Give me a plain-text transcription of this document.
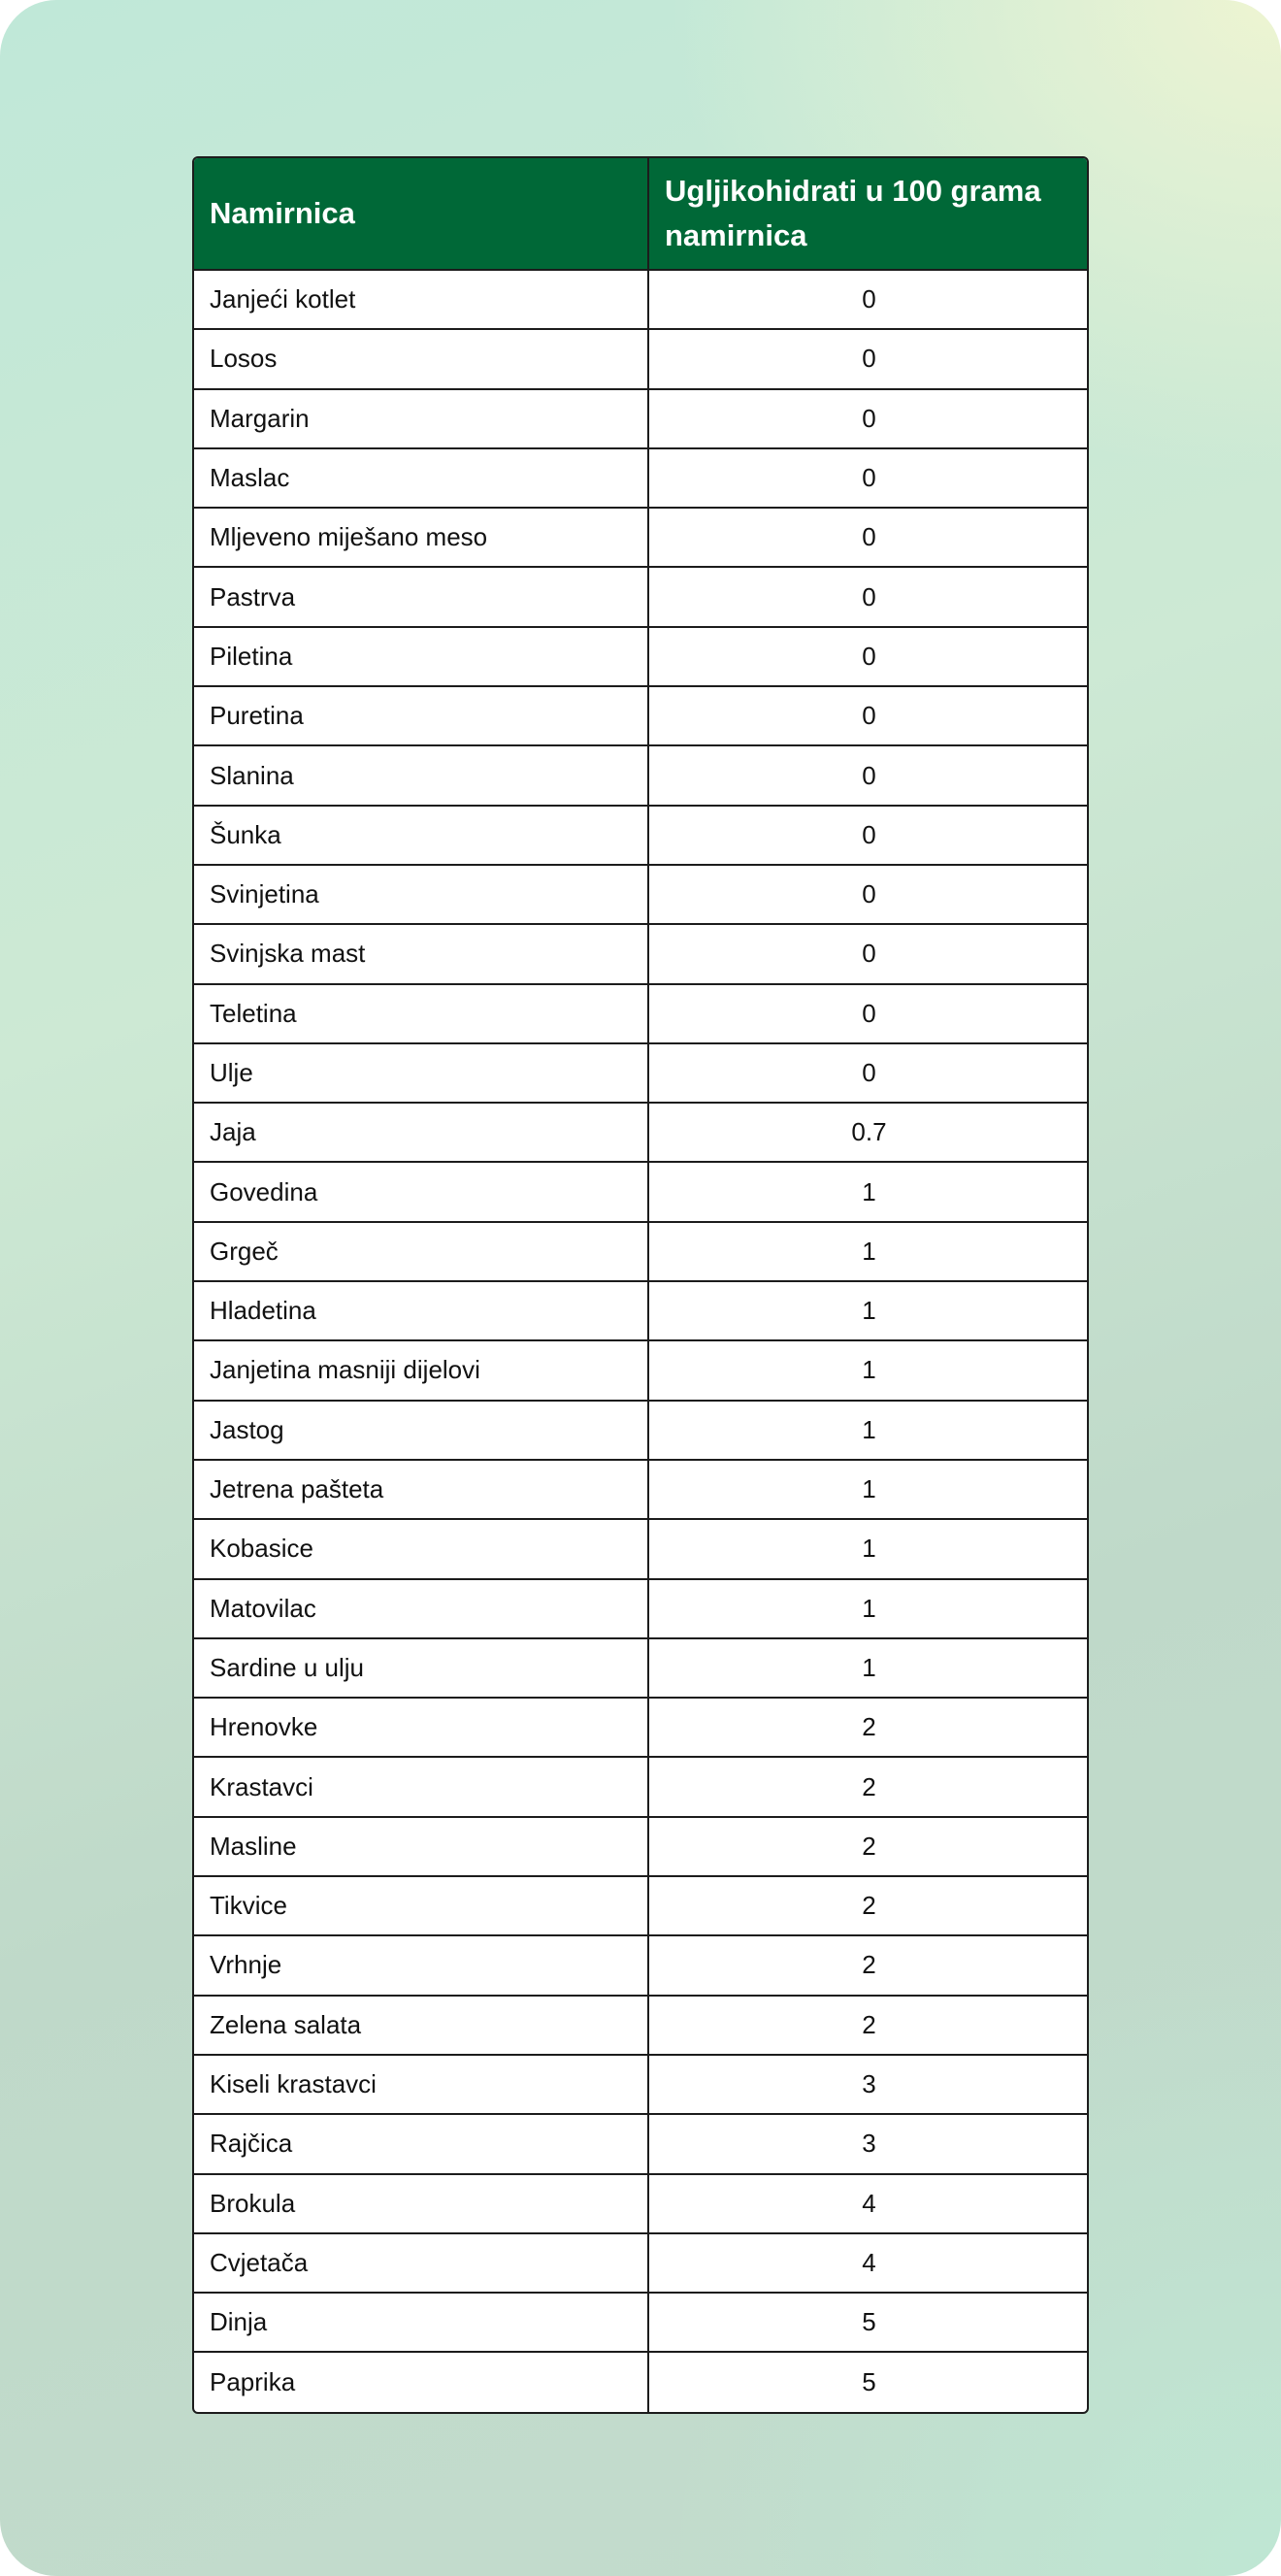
Namirnica	Ugljikohidrati u 100 grama namirnica
Janjeći kotlet	0
Losos	0
Margarin	0
Maslac	0
Mljeveno miješano meso	0
Pastrva	0
Piletina	0
Puretina	0
Slanina	0
Šunka	0
Svinjetina	0
Svinjska mast	0
Teletina	0
Ulje	0
Jaja	0.7
Govedina	1
Grgeč	1
Hladetina	1
Janjetina masniji dijelovi	1
Jastog	1
Jetrena pašteta	1
Kobasice	1
Matovilac	1
Sardine u ulju	1
Hrenovke	2
Krastavci	2
Masline	2
Tikvice	2
Vrhnje	2
Zelena salata	2
Kiseli krastavci	3
Rajčica	3
Brokula	4
Cvjetača	4
Dinja	5
Paprika	5
